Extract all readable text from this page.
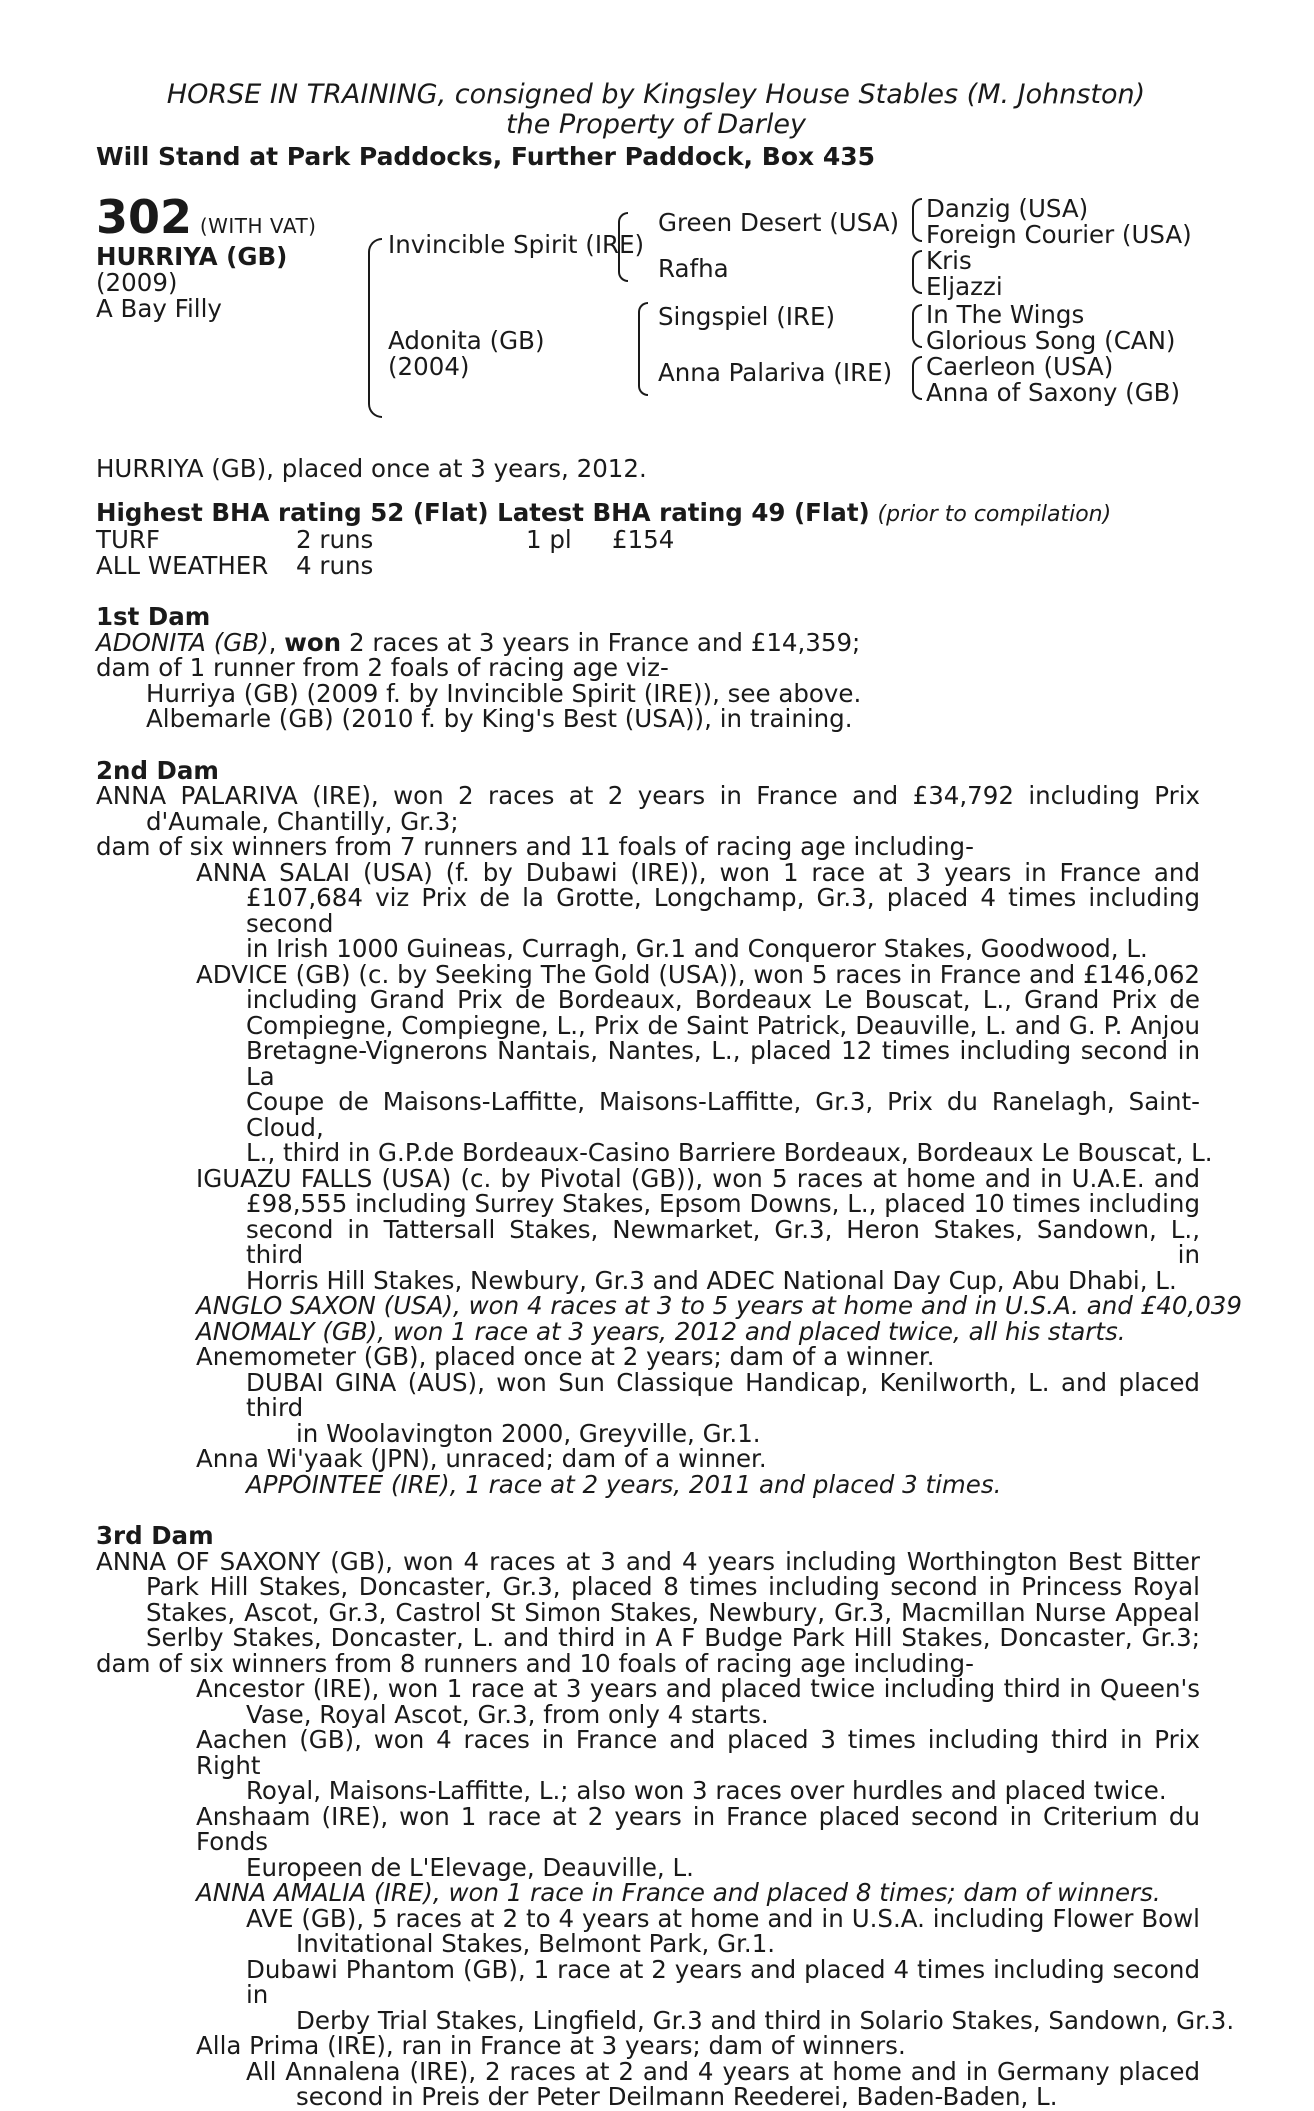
HORSE IN TRAINING, consigned by Kingsley House Stables (M. Johnston)
the Property of Darley
Will Stand at Park Paddocks, Further Paddock, Box 435
302 (WITH VAT)
HURRIYA (GB)
(2009)
A Bay Filly
Invincible Spirit (IRE)
Adonita (GB)
(2004)
Green Desert (USA)
Rafha
Singspiel (IRE)
Anna Palariva (IRE)
Danzig (USA)
Foreign Courier (USA)
Kris
Eljazzi
In The Wings
Glorious Song (CAN)
Caerleon (USA)
Anna of Saxony (GB)
HURRIYA (GB), placed once at 3 years, 2012.
Highest BHA rating 52 (Flat) Latest BHA rating 49 (Flat) (prior to compilation)
TURF	2 runs	1 pl £154
ALL WEATHER 4 runs
1st Dam
ADONITA (GB), won 2 races at 3 years in France and £14,359;
dam of 1 runner from 2 foals of racing age viz-
Hurriya (GB) (2009 f. by Invincible Spirit (IRE)), see above.
Albemarle (GB) (2010 f. by King's Best (USA)), in training.
2nd Dam
ANNA PALARIVA (IRE), won 2 races at 2 years in France and £34,792 including Prix
d'Aumale, Chantilly, Gr.3;
dam of six winners from 7 runners and 11 foals of racing age including-
ANNA SALAI (USA) (f. by Dubawi (IRE)), won 1 race at 3 years in France and
£107,684 viz Prix de la Grotte, Longchamp, Gr.3, placed 4 times including second
in Irish 1000 Guineas, Curragh, Gr.1 and Conqueror Stakes, Goodwood, L.
ADVICE (GB) (c. by Seeking The Gold (USA)), won 5 races in France and £146,062
including Grand Prix de Bordeaux, Bordeaux Le Bouscat, L., Grand Prix de
Compiegne, Compiegne, L., Prix de Saint Patrick, Deauville, L. and G. P. Anjou
Bretagne-Vignerons Nantais, Nantes, L., placed 12 times including second in La
Coupe de Maisons-Laffitte, Maisons-Laffitte, Gr.3, Prix du Ranelagh, Saint-Cloud,
L., third in G.P.de Bordeaux-Casino Barriere Bordeaux, Bordeaux Le Bouscat, L.
IGUAZU FALLS (USA) (c. by Pivotal (GB)), won 5 races at home and in U.A.E. and
£98,555 including Surrey Stakes, Epsom Downs, L., placed 10 times including
second in Tattersall Stakes, Newmarket, Gr.3, Heron Stakes, Sandown, L., third in
Horris Hill Stakes, Newbury, Gr.3 and ADEC National Day Cup, Abu Dhabi, L.
ANGLO SAXON (USA), won 4 races at 3 to 5 years at home and in U.S.A. and £40,039
ANOMALY (GB), won 1 race at 3 years, 2012 and placed twice, all his starts.
Anemometer (GB), placed once at 2 years; dam of a winner.
DUBAI GINA (AUS), won Sun Classique Handicap, Kenilworth, L. and placed third
in Woolavington 2000, Greyville, Gr.1.
Anna Wi'yaak (JPN), unraced; dam of a winner.
APPOINTEE (IRE), 1 race at 2 years, 2011 and placed 3 times.
3rd Dam
ANNA OF SAXONY (GB), won 4 races at 3 and 4 years including Worthington Best Bitter
Park Hill Stakes, Doncaster, Gr.3, placed 8 times including second in Princess Royal
Stakes, Ascot, Gr.3, Castrol St Simon Stakes, Newbury, Gr.3, Macmillan Nurse Appeal
Serlby Stakes, Doncaster, L. and third in A F Budge Park Hill Stakes, Doncaster, Gr.3;
dam of six winners from 8 runners and 10 foals of racing age including-
Ancestor (IRE), won 1 race at 3 years and placed twice including third in Queen's
Vase, Royal Ascot, Gr.3, from only 4 starts.
Aachen (GB), won 4 races in France and placed 3 times including third in Prix Right
Royal, Maisons-Laffitte, L.; also won 3 races over hurdles and placed twice.
Anshaam (IRE), won 1 race at 2 years in France placed second in Criterium du Fonds
Europeen de L'Elevage, Deauville, L.
ANNA AMALIA (IRE), won 1 race in France and placed 8 times; dam of winners.
AVE (GB), 5 races at 2 to 4 years at home and in U.S.A. including Flower Bowl
Invitational Stakes, Belmont Park, Gr.1.
Dubawi Phantom (GB), 1 race at 2 years and placed 4 times including second in
Derby Trial Stakes, Lingfield, Gr.3 and third in Solario Stakes, Sandown, Gr.3.
Alla Prima (IRE), ran in France at 3 years; dam of winners.
All Annalena (IRE), 2 races at 2 and 4 years at home and in Germany placed
second in Preis der Peter Deilmann Reederei, Baden-Baden, L.
